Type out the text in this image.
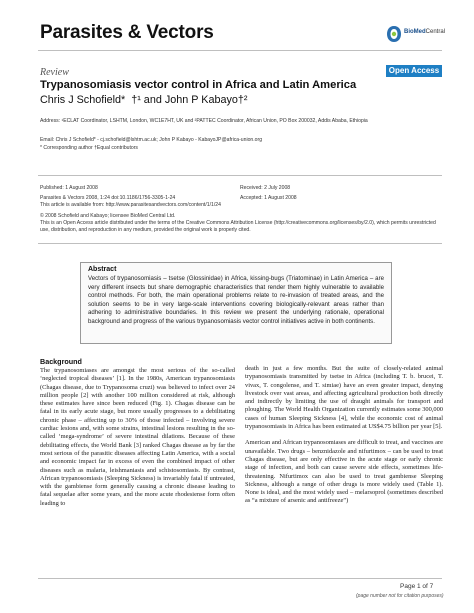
Parasites & Vectors	BioMedCentral
Review	Open Access
Trypanosomiasis vector control in Africa and Latin America
Chris J Schofield*  †¹ and John P Kabayo†²
Address: ¹ECLAT Coordinator, LSHTM, London, WC1E7HT, UK and ²PATTEC Coordinator, African Union, PO Box 200032, Addis Ababa, Ethiopia
Email: Chris J Schofield* - cj.schofield@lshtm.ac.uk; John P Kabayo - KabayoJP@africa-union.org
* Corresponding author †Equal contributors
Published: 1 August 2008
Parasites & Vectors 2008, 1:24 doi:10.1186/1756-3305-1-24
Received: 2 July 2008
Accepted: 1 August 2008
This article is available from: http://www.parasitesandvectors.com/content/1/1/24
© 2008 Schofield and Kabayo; licensee BioMed Central Ltd.
This is an Open Access article distributed under the terms of the Creative Commons Attribution License (http://creativecommons.org/licenses/by/2.0), which permits unrestricted use, distribution, and reproduction in any medium, provided the original work is properly cited.
Abstract
Vectors of trypanosomiasis – tsetse (Glossinidae) in Africa, kissing-bugs (Triatominae) in Latin America – are very different insects but share demographic characteristics that render them highly vulnerable to available control methods. For both, the main operational problems relate to re-invasion of treated areas, and the solution seems to be in very large-scale interventions covering biologically-relevant areas rather than adhering to administrative boundaries. In this review we present the underlying rationale, operational background and progress of the various trypanosomiasis vector control initiatives active in both continents.
Background

The trypanosomiases are amongst the most serious of the so-called ‘neglected tropical diseases’ [1]. In the 1980s, American trypanosomiasis (Chagas disease, due to Trypanosoma cruzi) was believed to infect over 24 million people [2] with another 100 million considered at risk, although these estimates have since been reduced (Fig. 1). Chagas disease can be fatal in its early acute stage, but more usually progresses to a debilitating chronic phase – affecting up to 30% of those infected – involving severe cardiac lesions and, with some strains, intestinal lesions resulting in the so-called ‘mega-syndrome’ of severe intestinal dilations. Because of these debilitating effects, the World Bank [3] ranked Chagas disease as by far the most serious of the parasitic diseases affecting Latin America, with a social and economic impact far in excess of even the combined impact of other diseases such as malaria, leishmaniasis and schistosomiasis. By contrast, African trypanosomiasis (Sleeping Sickness) is invariably fatal if untreated, with the gambiense form generally causing a chronic disease leading to fatal sequelae after some years, and the more acute rhodesiense form often leading to

death in just a few months. But the suite of closely-related animal trypanosomiasis transmitted by tsetse in Africa (including T. b. brucei, T. vivax, T. congolense, and T. simiae) have an even greater impact, denying livestock over vast areas, and affecting agricultural production both directly and indirectly by limiting the use of draught animals for transport and ploughing. The World Health Organization currently estimates some 300,000 cases of human Sleeping Sickness [4], while the economic cost of animal trypanosomiasis in Africa has been estimated at US$4.75 billion per year [5].

American and African trypanosomiases are difficult to treat, and vaccines are unavailable. Two drugs – benznidazole and nifurtimox – can be used to treat Chagas disease, but are only effective in the acute stage or early chronic stage of infection, and both can cause severe side effects, sometimes life-threatening. Nifurtimox can also be used to treat gambiense Sleeping Sickness, although a range of other drugs is more widely used (Table 1). None is ideal, and the most widely used – melarsoprol (sometimes described as “a mixture of arsenic and antifreeze”)

Page 1 of 7
(page number not for citation purposes)
